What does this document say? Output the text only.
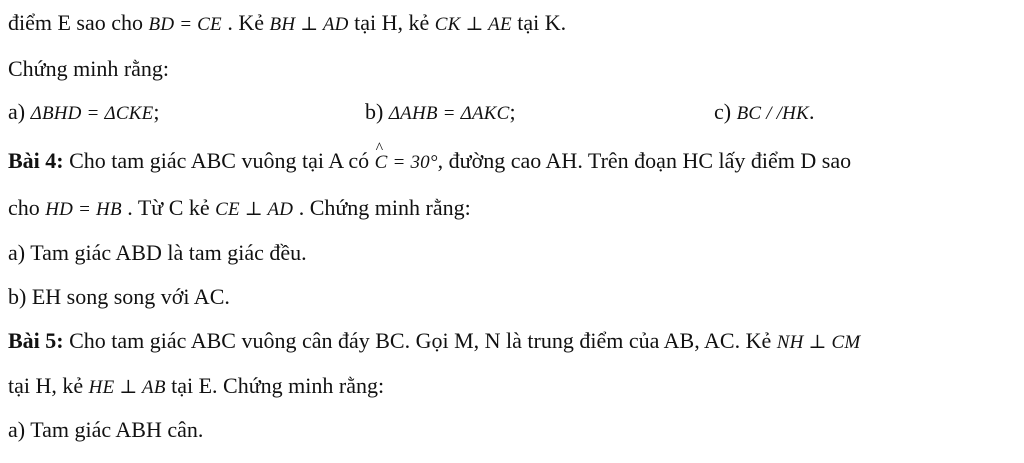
điểm E sao cho BD = CE . Kẻ BH ⊥ AD tại H, kẻ CK ⊥ AE tại K.
Chứng minh rằng:
a) ΔBHD = ΔCKE;	b) ΔAHB = ΔAKC;	c) BC / /HK.
Bài 4: Cho tam giác ABC vuông tại A có ^ C = 30°, đường cao AH. Trên đoạn HC lấy điểm D sao
cho HD = HB . Từ C kẻ CE ⊥ AD . Chứng minh rằng:
a) Tam giác ABD là tam giác đều.
b) EH song song với AC.
Bài 5: Cho tam giác ABC vuông cân đáy BC. Gọi M, N là trung điểm của AB, AC. Kẻ NH ⊥ CM
tại H, kẻ HE ⊥ AB tại E. Chứng minh rằng:
a) Tam giác ABH cân.
